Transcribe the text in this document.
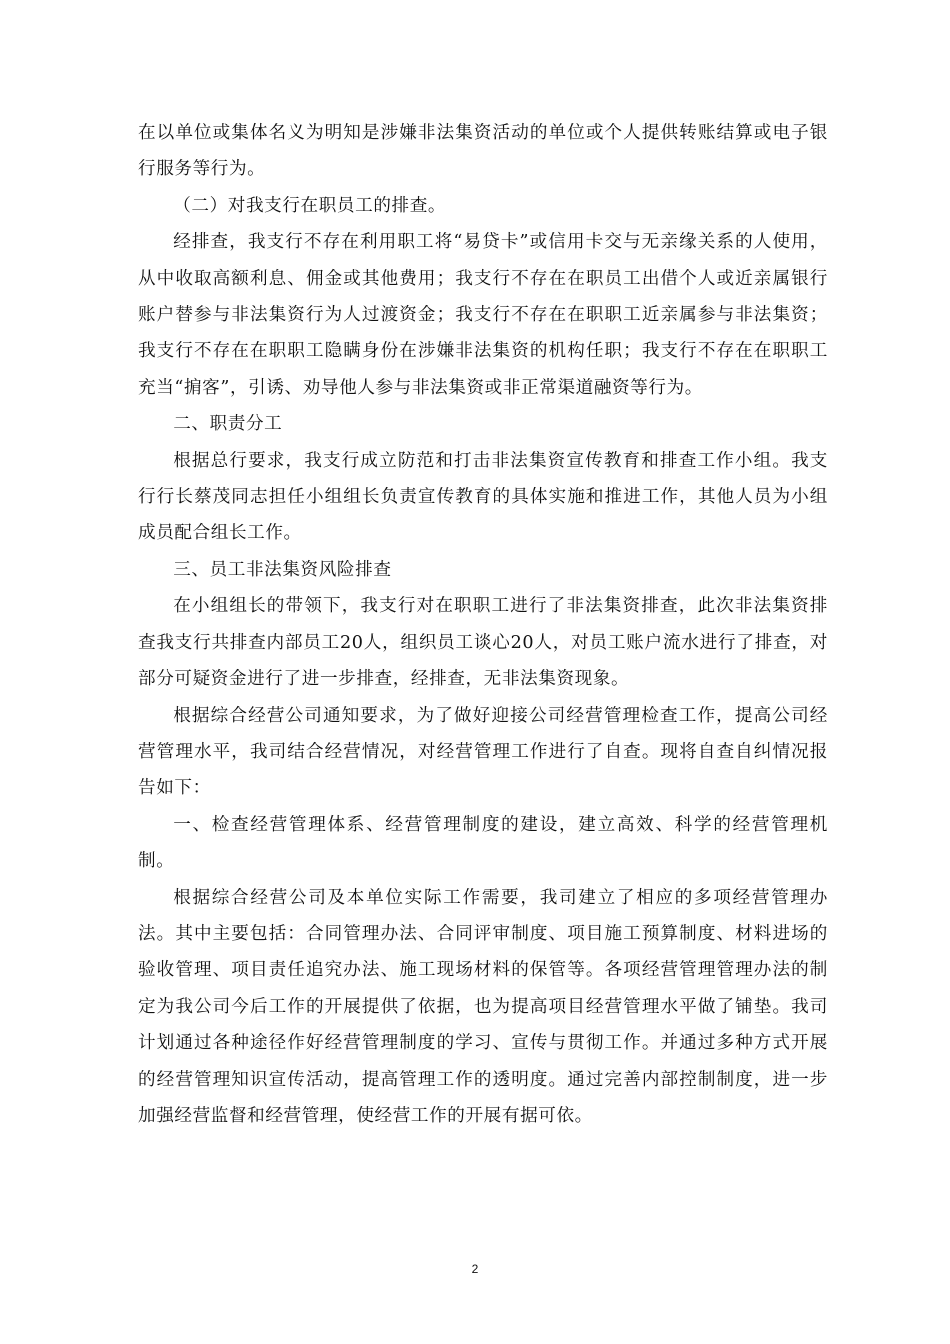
在以单位或集体名义为明知是涉嫌非法集资活动的单位或个人提供转账结算或电子银行服务等行为。

（二）对我支行在职员工的排查。

经排查，我支行不存在利用职工将“易贷卡”或信用卡交与无亲缘关系的人使用，从中收取高额利息、佣金或其他费用；我支行不存在在职员工出借个人或近亲属银行账户替参与非法集资行为人过渡资金；我支行不存在在职职工近亲属参与非法集资；我支行不存在在职职工隐瞒身份在涉嫌非法集资的机构任职；我支行不存在在职职工充当“掮客”，引诱、劝导他人参与非法集资或非正常渠道融资等行为。

二、职责分工

根据总行要求，我支行成立防范和打击非法集资宣传教育和排查工作小组。我支行行长蔡茂同志担任小组组长负责宣传教育的具体实施和推进工作，其他人员为小组成员配合组长工作。

三、员工非法集资风险排查

在小组组长的带领下，我支行对在职职工进行了非法集资排查，此次非法集资排查我支行共排查内部员工20人，组织员工谈心20人，对员工账户流水进行了排查，对部分可疑资金进行了进一步排查，经排查，无非法集资现象。

根据综合经营公司通知要求，为了做好迎接公司经营管理检查工作，提高公司经营管理水平，我司结合经营情况，对经营管理工作进行了自查。现将自查自纠情况报告如下：

一、检查经营管理体系、经营管理制度的建设，建立高效、科学的经营管理机制。

根据综合经营公司及本单位实际工作需要，我司建立了相应的多项经营管理办法。其中主要包括：合同管理办法、合同评审制度、项目施工预算制度、材料进场的验收管理、项目责任追究办法、施工现场材料的保管等。各项经营管理管理办法的制定为我公司今后工作的开展提供了依据，也为提高项目经营管理水平做了铺垫。我司计划通过各种途径作好经营管理制度的学习、宣传与贯彻工作。并通过多种方式开展的经营管理知识宣传活动，提高管理工作的透明度。通过完善内部控制制度，进一步加强经营监督和经营管理，使经营工作的开展有据可依。

2
